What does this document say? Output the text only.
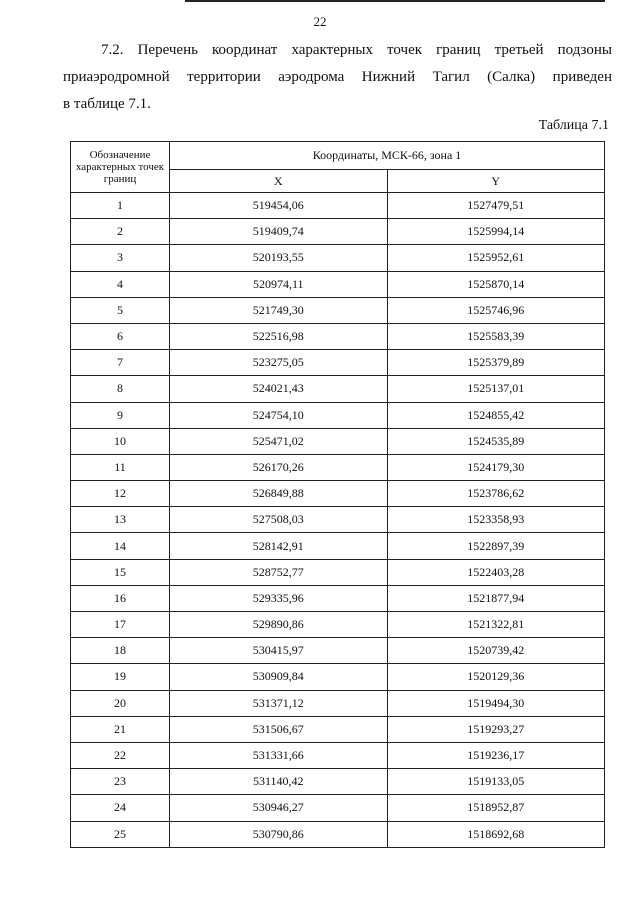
22
7.2. Перечень координат характерных точек границ третьей подзоны
приаэродромной территории аэродрома Нижний Тагил (Салка) приведен
в таблице 7.1.
Таблица 7.1
Обозначение характерных точек границ	Координаты, МСК-66, зона 1	
	X	Y
1	519454,06	1527479,51
2	519409,74	1525994,14
3	520193,55	1525952,61
4	520974,11	1525870,14
5	521749,30	1525746,96
6	522516,98	1525583,39
7	523275,05	1525379,89
8	524021,43	1525137,01
9	524754,10	1524855,42
10	525471,02	1524535,89
11	526170,26	1524179,30
12	526849,88	1523786,62
13	527508,03	1523358,93
14	528142,91	1522897,39
15	528752,77	1522403,28
16	529335,96	1521877,94
17	529890,86	1521322,81
18	530415,97	1520739,42
19	530909,84	1520129,36
20	531371,12	1519494,30
21	531506,67	1519293,27
22	531331,66	1519236,17
23	531140,42	1519133,05
24	530946,27	1518952,87
25	530790,86	1518692,68
